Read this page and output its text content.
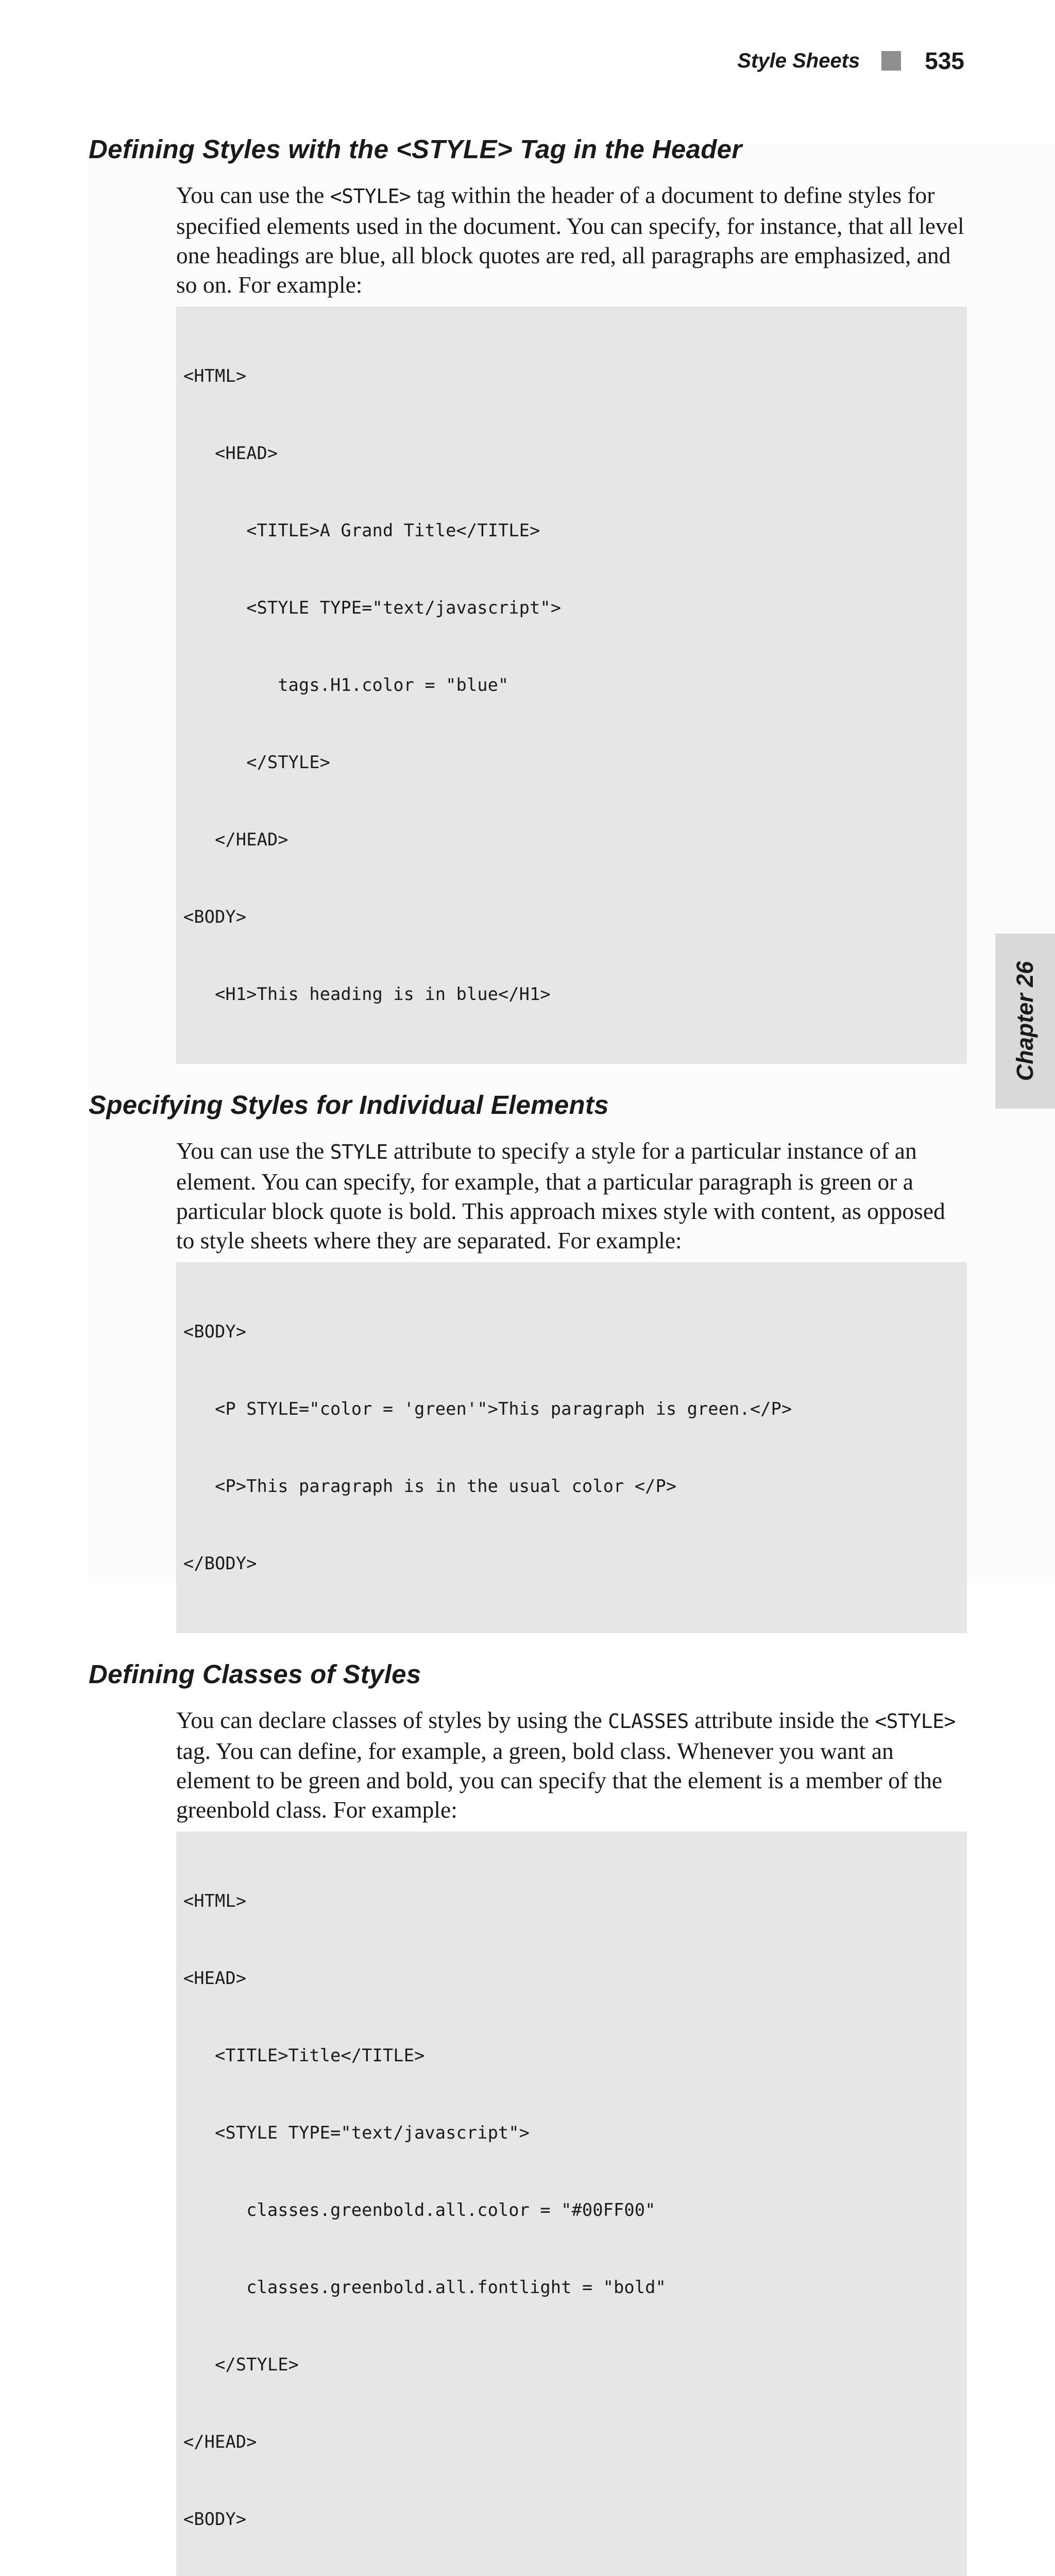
Style Sheets	535
Defining Styles with the <STYLE> Tag in the Header

You can use the <STYLE> tag within the header of a document to define styles for specified elements used in the document. You can specify, for instance, that all level one headings are blue, all block quotes are red, all paragraphs are emphasized, and so on. For example:

<HTML>

<HEAD>

<TITLE>A Grand Title</TITLE>

<STYLE TYPE="text/javascript">

tags.H1.color = "blue"

</STYLE>

</HEAD>

<BODY>

<H1>This heading is in blue</H1>

Specifying Styles for Individual Elements

You can use the STYLE attribute to specify a style for a particular instance of an element. You can specify, for example, that a particular paragraph is green or a particular block quote is bold. This approach mixes style with content, as opposed to style sheets where they are separated. For example:

<BODY>

<P STYLE="color = 'green'">This paragraph is green.</P>

<P>This paragraph is in the usual color </P>

</BODY>

Defining Classes of Styles

You can declare classes of styles by using the CLASSES attribute inside the <STYLE> tag. You can define, for example, a green, bold class. Whenever you want an element to be green and bold, you can specify that the element is a member of the greenbold class. For example:

<HTML>

<HEAD>

<TITLE>Title</TITLE>

<STYLE TYPE="text/javascript">

classes.greenbold.all.color = "#00FF00"

classes.greenbold.all.fontlight = "bold"

</STYLE>

</HEAD>

<BODY>

Chapter 26
